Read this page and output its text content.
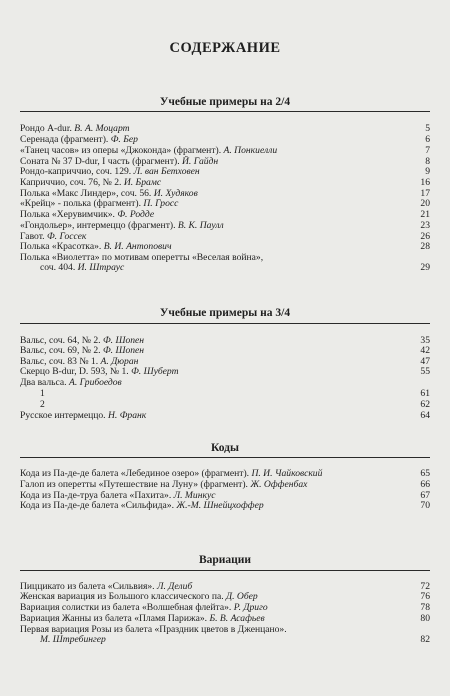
СОДЕРЖАНИЕ
Рондо A-dur. В. А. Моцарт	5
Серенада (фрагмент). Ф. Бер	6
«Танец часов» из оперы «Джоконда» (фрагмент). А. Понкиелли	7
Соната № 37 D-dur, I часть (фрагмент). Й. Гайдн	8
Рондо-каприччио, соч. 129. Л. ван Бетховен	9
Каприччио, соч. 76, № 2. И. Брамс	16
Полька «Макс Линдер», соч. 56. И. Худяков	17
«Крейц» - полька (фрагмент). П. Гросс	20
Полька «Херувимчик». Ф. Родде	21
«Гондольер», интермеццо (фрагмент). В. К. Паулл	23
Гавот. Ф. Госсек	26
Полька «Красотка». В. И. Антопович	28
Полька «Виолетта» по мотивам оперетты «Веселая война»,
соч. 404. И. Штраус	29
Вальс, соч. 64, № 2. Ф. Шопен	35
Вальс, соч. 69, № 2. Ф. Шопен	42
Вальс, соч. 83 № 1. А. Дюран	47
Скерцо B-dur, D. 593, № 1. Ф. Шуберт	55
Два вальса. А. Грибоедов
1	61
2	62
Русское интермеццо. Н. Франк	64
Кода из Па-де-де балета «Лебединое озеро» (фрагмент). П. И. Чайковский	65
Галоп из оперетты «Путешествие на Луну» (фрагмент). Ж. Оффенбах	66
Кода из Па-де-труа балета «Пахита». Л. Минкус	67
Кода из Па-де-де балета «Сильфида». Ж.-М. Шнейцхоффер	70
Пиццикато из балета «Сильвия». Л. Делиб	72
Женская вариация из Большого классического па. Д. Обер	76
Вариация солистки из балета «Волшебная флейта». Р. Дриго	78
Вариация Жанны из балета «Пламя Парижа». Б. В. Асафьев	80
Первая вариация Розы из балета «Праздник цветов в Дженцано».
М. Штребингер	82
Учебные примеры на 2/4
Учебные примеры на 3/4
Коды
Вариации
